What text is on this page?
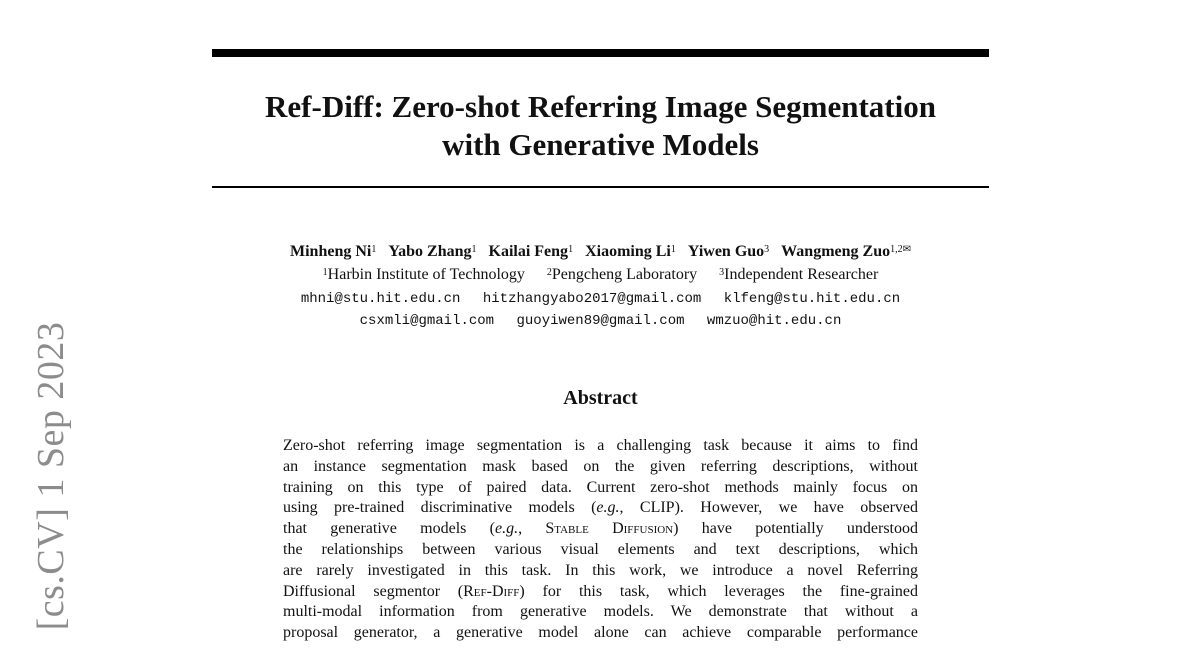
[cs.CV] 1 Sep 2023
Ref-Diff: Zero-shot Referring Image Segmentation
with Generative Models
Minheng Ni$^1$ Yabo Zhang$^1$ Kailai Feng$^1$ Xiaoming Li$^1$ Yiwen Guo$^3$ Wangmeng Zuo$^{1,2✉}$
$^1$Harbin Institute of Technology $^2$Pengcheng Laboratory $^3$Independent Researcher
mhni@stu.hit.edu.cn hitzhangyabo2017@gmail.com klfeng@stu.hit.edu.cn
csxmli@gmail.com guoyiwen89@gmail.com wmzuo@hit.edu.cn
Abstract
Zero-shot referring image segmentation is a challenging task because it aims to find
an instance segmentation mask based on the given referring descriptions, without
training on this type of paired data. Current zero-shot methods mainly focus on
using pre-trained discriminative models (e.g., CLIP). However, we have observed
that generative models (e.g., Stable Diffusion) have potentially understood
the relationships between various visual elements and text descriptions, which
are rarely investigated in this task. In this work, we introduce a novel Referring
Diffusional segmentor (Ref-Diff) for this task, which leverages the fine-grained
multi-modal information from generative models. We demonstrate that without a
proposal generator, a generative model alone can achieve comparable performance
